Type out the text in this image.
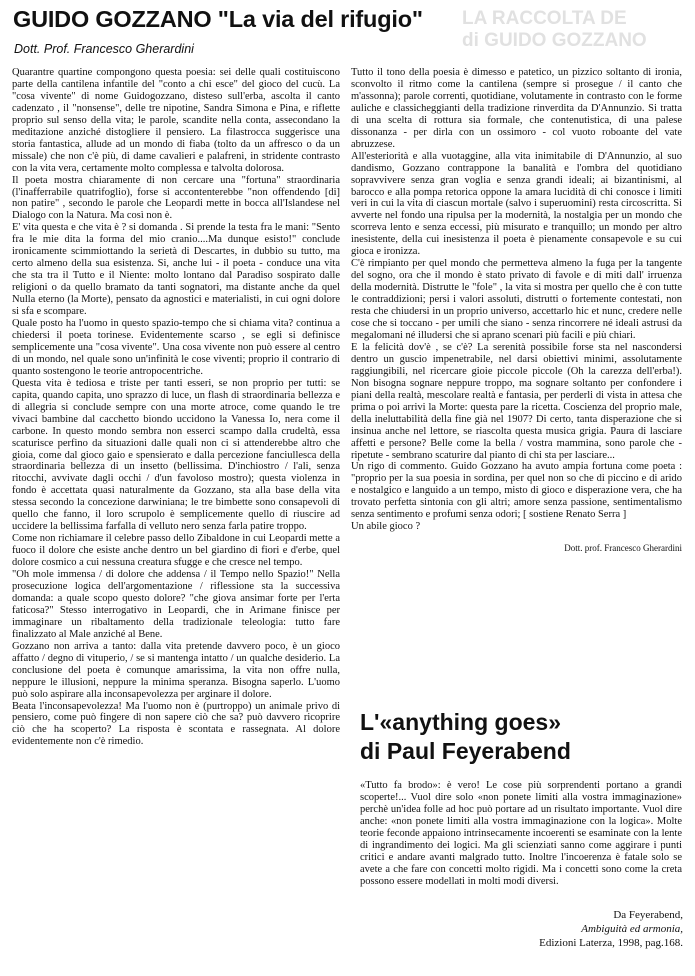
LA RACCOLTA DE
di GUIDO GOZZANO
GUIDO GOZZANO "La via del rifugio"
Dott. Prof. Francesco Gherardini

Quarantre quartine compongono questa poesia: sei delle quali costituiscono parte della cantilena infantile del "conto a chi esce" del gioco del cucù. La "cosa vivente" di nome Guidogozzano, disteso sull'erba, ascolta il canto cadenzato , il "nonsense", delle tre nipotine, Sandra Simona e Pina, e riflette proprio sul senso della vita; le parole, scandite nella conta, assecondano la meditazione anziché distogliere il pensiero. La filastrocca suggerisce una storia fantastica, allude ad un mondo di fiaba (tolto da un affresco o da un missale) che non c'è più, di dame cavalieri e palafreni, in stridente contrasto con la vita vera, certamente molto complessa e talvolta dolorosa.

Il poeta mostra chiaramente di non cercare una "fortuna" straordinaria (l'inafferrabile quatrifoglio), forse si accontenterebbe "non offendendo [di] non patire" , secondo le parole che Leopardi mette in bocca all'Islandese nel Dialogo con la Natura. Ma così non è.

E' vita questa e che vita è ? si domanda . Si prende la testa fra le mani: "Sento fra le mie dita la forma del mio cranio....Ma dunque esisto!" conclude ironicamente scimmiottando la serietà di Descartes, in dubbio su tutto, ma certo almeno della sua esistenza. Si, anche lui - il poeta - conduce una vita che sta tra il Tutto e il Niente: molto lontano dal Paradiso sospirato dalle religioni o da quello bramato da tanti sognatori, ma distante anche da quel Nulla eterno (la Morte), pensato da agnostici e materialisti, in cui ogni dolore si sfa e scompare.

Quale posto ha l'uomo in questo spazio-tempo che si chiama vita? continua a chiedersi il poeta torinese. Evidentemente scarso , se egli si definisce semplicemente una "cosa vivente". Una cosa vivente non può essere al centro di un mondo, nel quale sono un'infinità le cose viventi; proprio il contrario di quanto sostengono le teorie antropocentriche.

Questa vita è tediosa e triste per tanti esseri, se non proprio per tutti: se capita, quando capita, uno sprazzo di luce, un flash di straordinaria bellezza e di allegria si conclude sempre con una morte atroce, come quando le tre vivaci bambine dal cacchetto biondo uccidono la Vanessa Io, nera come il carbone. In questo mondo sembra non esserci scampo dalla crudeltà, essa scaturisce perfino da situazioni dalle quali non ci si attenderebbe altro che gioia, come dal gioco gaio e spensierato e dalla percezione fanciullesca della straordinaria bellezza di un insetto (bellissima. D'inchiostro / l'ali, senza ritocchi, avvivate dagli occhi / d'un favoloso mostro); questa violenza in fondo è accettata quasi naturalmente da Gozzano, sta alla base della vita stessa secondo la concezione darwiniana; le tre bimbette sono consapevoli di quello che fanno, il loro scrupolo è semplicemente quello di riuscire ad uccidere la bellissima farfalla di velluto nero senza farla patire troppo.

Come non richiamare il celebre passo dello Zibaldone in cui Leopardi mette a fuoco il dolore che esiste anche dentro un bel giardino di fiori e d'erbe, quel dolore cosmico a cui nessuna creatura sfugge e che cresce nel tempo.

"Oh mole immensa / di dolore che addensa / il Tempo nello Spazio!" Nella prosecuzione logica dell'argomentazione / riflessione sta la successiva domanda: a quale scopo questo dolore? "che giova ansimar forte per l'erta faticosa?" Stesso interrogativo in Leopardi, che in Arimane finisce per immaginare un ribaltamento della tradizionale teleologia: tutto fare finalizzato al Male anziché al Bene.

Gozzano non arriva a tanto: dalla vita pretende davvero poco, è un gioco affatto / degno di vituperio, / se si mantenga intatto / un qualche desiderio. La conclusione del poeta è comunque amarissima, la vita non offre nulla, neppure le illusioni, neppure la minima speranza. Bisogna saperlo. L'uomo può solo aspirare alla inconsapevolezza per arginare il dolore.

Beata l'inconsapevolezza! Ma l'uomo non è (purtroppo) un animale privo di pensiero, come può fingere di non sapere ciò che sa? può davvero ricoprire ciò che ha scoperto? La risposta è scontata e rassegnata. Al dolore evidentemente non c'è rimedio.

Tutto il tono della poesia è dimesso e patetico, un pizzico soltanto di ironia, sconvolto il ritmo come la cantilena (sempre si prosegue / il canto che m'assonna); parole correnti, quotidiane, volutamente in contrasto con le forme auliche e classicheggianti della tradizione rinverdita da D'Annunzio. Si tratta di una scelta di rottura sia formale, che contenutistica, di una palese dissonanza - per dirla con un ossimoro - col vuoto roboante del vate abruzzese.

All'esteriorità e alla vuotaggine, alla vita inimitabile di D'Annunzio, al suo dandismo, Gozzano contrappone la banalità e l'ombra del quotidiano sopravvivere senza gran voglia e senza grandi ideali; ai bizantinismi, al barocco e alla pompa retorica oppone la amara lucidità di chi conosce i limiti veri in cui la vita di ciascun mortale (salvo i superuomini) resta circoscritta. Si avverte nel fondo una ripulsa per la modernità, la nostalgia per un mondo che scorreva lento e senza eccessi, più misurato e tranquillo; un mondo per altro inesistente, della cui inesistenza il poeta è pienamente consapevole e su cui gioca e ironizza.

C'è rimpianto per quel mondo che permetteva almeno la fuga per la tangente del sogno, ora che il mondo è stato privato di favole e di miti dall' irruenza della modernità. Distrutte le "fole" , la vita si mostra per quello che è con tutte le contraddizioni; persi i valori assoluti, distrutti o fortemente contestati, non resta che chiudersi in un proprio universo, accettarlo hic et nunc, credere nelle cose che si toccano - per umili che siano - senza rincorrere né ideali astrusi da megalomani né illudersi che si aprano scenari più facili e più chiari.

E la felicità dov'è , se c'è? La serenità possibile forse sta nel nascondersi dentro un guscio impenetrabile, nel darsi obiettivi minimi, assolutamente raggiungibili, nel ricercare gioie piccole piccole (Oh la carezza dell'erba!). Non bisogna sognare neppure troppo, ma sognare soltanto per confondere i piani della realtà, mescolare realtà e fantasia, per perderli di vista in attesa che prima o poi arrivi la Morte: questa pare la ricetta. Coscienza del proprio male, della ineluttabilità della fine già nel 1907? Di certo, tanta disperazione che si insinua anche nel lettore, se riascolta questa musica grigia. Paura di lasciare affetti e persone? Belle come la bella / vostra mammina, sono parole che - ripetute - sembrano scaturire dal pianto di chi sta per lasciare...

Un rigo di commento. Guido Gozzano ha avuto ampia fortuna come poeta : "proprio per la sua poesia in sordina, per quel non so che di piccino e di arido e nostalgico e languido a un tempo, misto di gioco e disperazione vera, che ha trovato perfetta sintonia con gli altri; amore senza passione, sentimentalismo senza sentimento e profumi senza odori; [ sostiene Renato Serra ]

Un abile gioco ?

Dott. prof. Francesco Gherardini

L'«anything goes»
di Paul Feyerabend

«Tutto fa brodo»: è vero! Le cose più sorprendenti portano a grandi scoperte!... Vuol dire solo «non ponete limiti alla vostra immaginazione» perchè un'idea folle ad hoc può portare ad un risultato importante. Vuol dire anche: «non ponete limiti alla vostra immaginazione con la logica». Molte teorie feconde appaiono intrinsecamente incoerenti se esaminate con la lente di ingrandimento dei logici. Ma gli scienziati sanno come aggirare i punti critici e andare avanti malgrado tutto. Inoltre l'incoerenza è fatale solo se avete a che fare con concetti molto rigidi. Ma i concetti sono come la creta possono essere modellati in molti modi diversi.

Da Feyerabend,
Ambiguità ed armonia,
Edizioni Laterza, 1998, pag.168.
